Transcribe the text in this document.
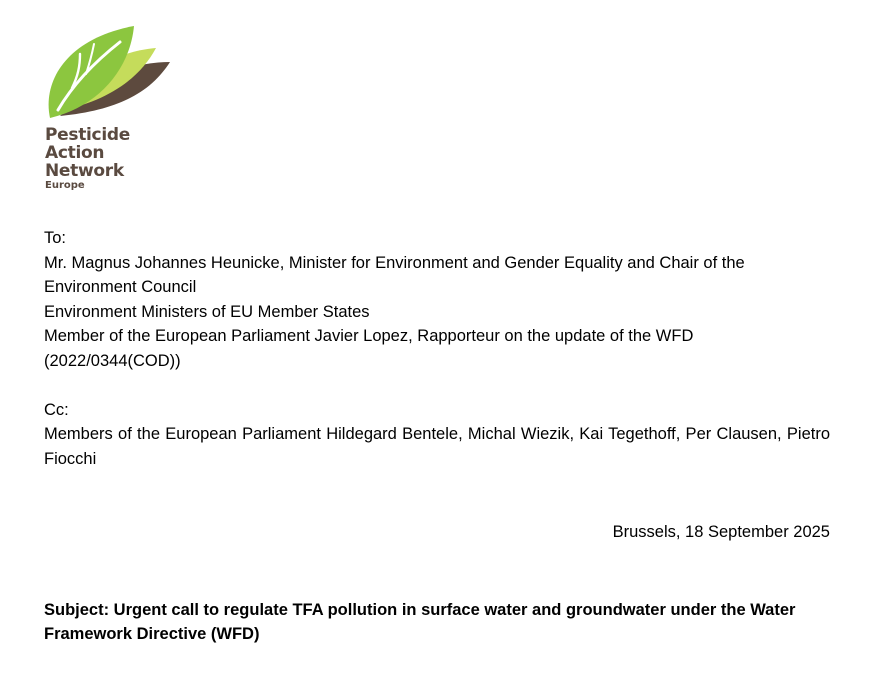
Pesticide
Action
Network
Europe
To:
Mr. Magnus Johannes Heunicke, Minister for Environment and Gender Equality and Chair of the Environment Council
Environment Ministers of EU Member States
Member of the European Parliament Javier Lopez, Rapporteur on the update of the WFD (2022/0344(COD))
Cc:
Members of the European Parliament Hildegard Bentele, Michal Wiezik, Kai Tegethoff, Per Clausen, Pietro Fiocchi
Brussels, 18 September 2025
Subject: Urgent call to regulate TFA pollution in surface water and groundwater under the Water Framework Directive (WFD)
